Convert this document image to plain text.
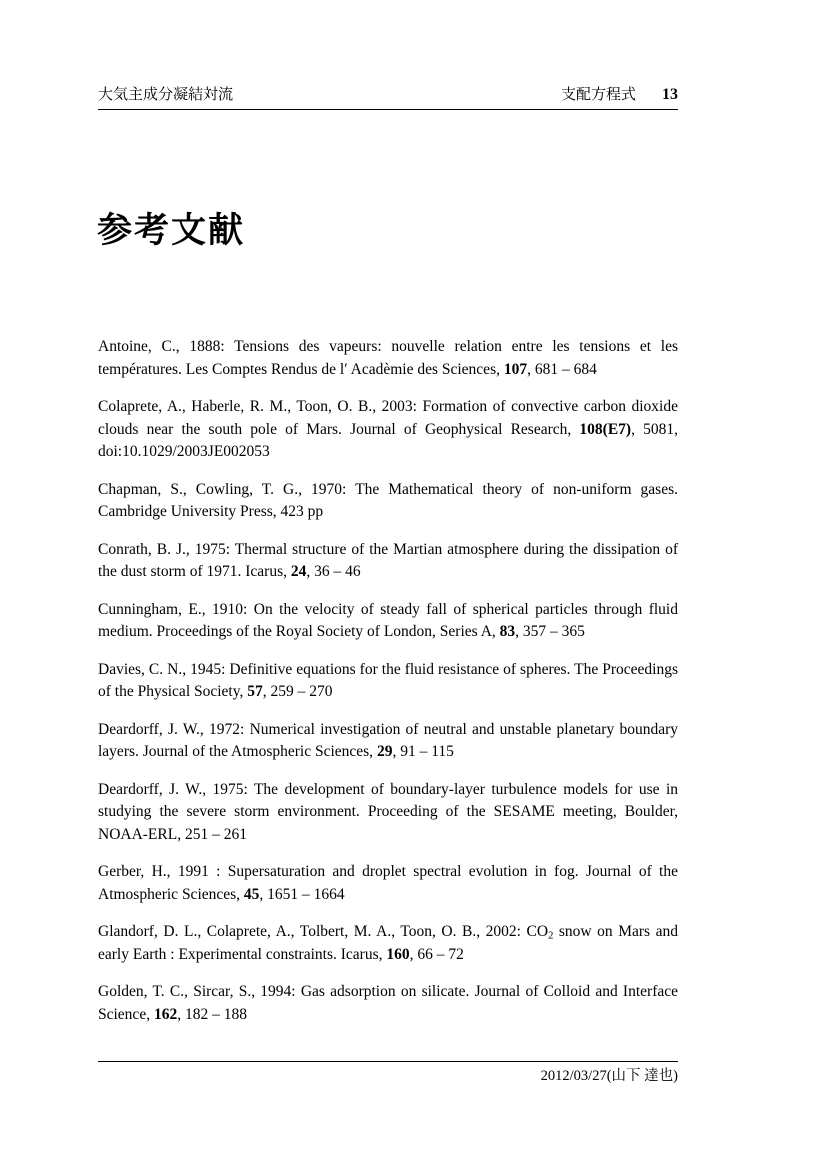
大気主成分凝結対流	支配方程式 13
参考文献

Antoine, C., 1888: Tensions des vapeurs: nouvelle relation entre les tensions et les températures. Les Comptes Rendus de l′ Acadèmie des Sciences, 107, 681 – 684

Colaprete, A., Haberle, R. M., Toon, O. B., 2003: Formation of convective carbon dioxide clouds near the south pole of Mars. Journal of Geophysical Research, 108(E7), 5081, doi:10.1029/2003JE002053

Chapman, S., Cowling, T. G., 1970: The Mathematical theory of non-uniform gases. Cambridge University Press, 423 pp

Conrath, B. J., 1975: Thermal structure of the Martian atmosphere during the dissipation of the dust storm of 1971. Icarus, 24, 36 – 46

Cunningham, E., 1910: On the velocity of steady fall of spherical particles through fluid medium. Proceedings of the Royal Society of London, Series A, 83, 357 – 365

Davies, C. N., 1945: Definitive equations for the fluid resistance of spheres. The Proceedings of the Physical Society, 57, 259 – 270

Deardorff, J. W., 1972: Numerical investigation of neutral and unstable planetary boundary layers. Journal of the Atmospheric Sciences, 29, 91 – 115

Deardorff, J. W., 1975: The development of boundary-layer turbulence models for use in studying the severe storm environment. Proceeding of the SESAME meeting, Boulder, NOAA-ERL, 251 – 261

Gerber, H., 1991 : Supersaturation and droplet spectral evolution in fog. Journal of the Atmospheric Sciences, 45, 1651 – 1664

Glandorf, D. L., Colaprete, A., Tolbert, M. A., Toon, O. B., 2002: $CO_2$ snow on Mars and early Earth : Experimental constraints. Icarus, 160, 66 – 72

Golden, T. C., Sircar, S., 1994: Gas adsorption on silicate. Journal of Colloid and Interface Science, 162, 182 – 188

2012/03/27(山下 達也)
